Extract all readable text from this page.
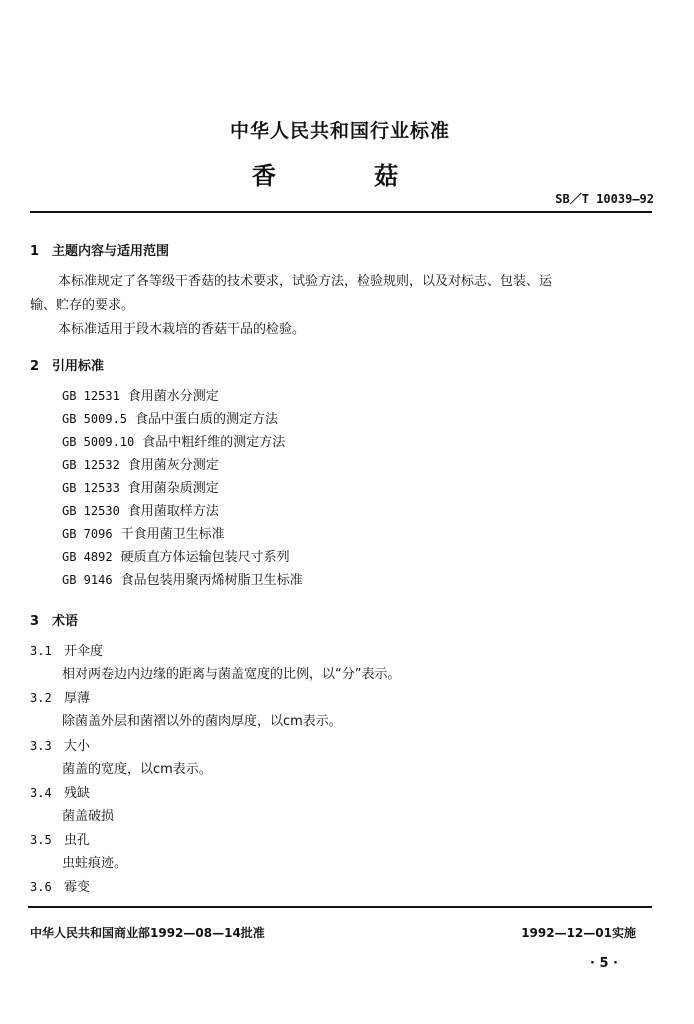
中华人民共和国行业标准
香 菇
SB／T 10039—92
1　主题内容与适用范围
本标准规定了各等级干香菇的技术要求，试验方法，检验规则，以及对标志、包装、运
输、贮存的要求。
本标准适用于段木栽培的香菇干品的检验。
2　引用标准
GB 12531 食用菌水分测定
GB 5009.5 食品中蛋白质的测定方法
GB 5009.10 食品中粗纤维的测定方法
GB 12532 食用菌灰分测定
GB 12533 食用菌杂质测定
GB 12530 食用菌取样方法
GB 7096 干食用菌卫生标准
GB 4892 硬质直方体运输包装尺寸系列
GB 9146 食品包装用聚丙烯树脂卫生标准
3　术语
3.1 开伞度
相对两卷边内边缘的距离与菌盖宽度的比例，以“分”表示。
3.2 厚薄
除菌盖外层和菌褶以外的菌肉厚度，以cm表示。
3.3 大小
菌盖的宽度，以cm表示。
3.4 残缺
菌盖破损
3.5 虫孔
虫蛀痕迹。
3.6 霉变
中华人民共和国商业部1992—08—14批准	1992—12—01实施
· 5 ·
